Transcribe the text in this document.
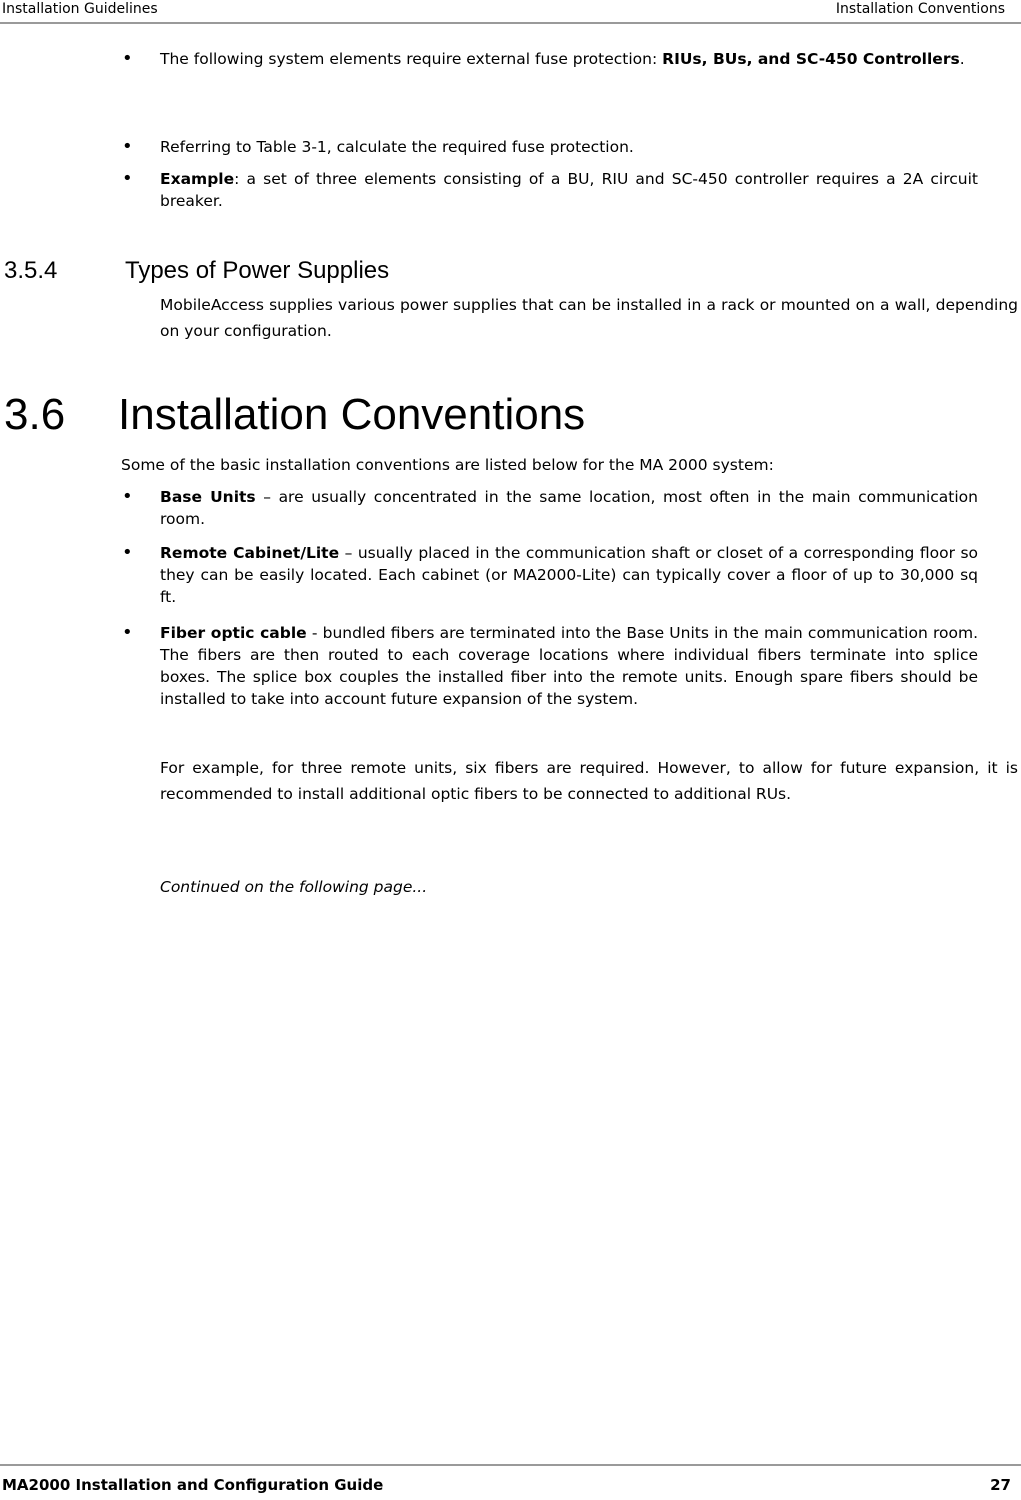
Installation Guidelines	Installation Conventions
• The following system elements require external fuse protection: RIUs, BUs, and SC-450 Controllers.
• Referring to Table 3-1, calculate the required fuse protection.
• Example: a set of three elements consisting of a BU, RIU and SC-450 controller requires a 2A circuit breaker.
3.5.4	Types of Power Supplies
MobileAccess supplies various power supplies that can be installed in a rack or mounted on a wall, depending on your configuration.
3.6 Installation Conventions
Some of the basic installation conventions are listed below for the MA 2000 system:
• Base Units – are usually concentrated in the same location, most often in the main communication room.
• Remote Cabinet/Lite – usually placed in the communication shaft or closet of a corresponding floor so they can be easily located. Each cabinet (or MA2000-Lite) can typically cover a floor of up to 30,000 sq ft.
• Fiber optic cable - bundled fibers are terminated into the Base Units in the main communication room. The fibers are then routed to each coverage locations where individual fibers terminate into splice boxes. The splice box couples the installed fiber into the remote units. Enough spare fibers should be installed to take into account future expansion of the system.
For example, for three remote units, six fibers are required. However, to allow for future expansion, it is recommended to install additional optic fibers to be connected to additional RUs.
Continued on the following page...
MA2000 Installation and Configuration Guide	27
